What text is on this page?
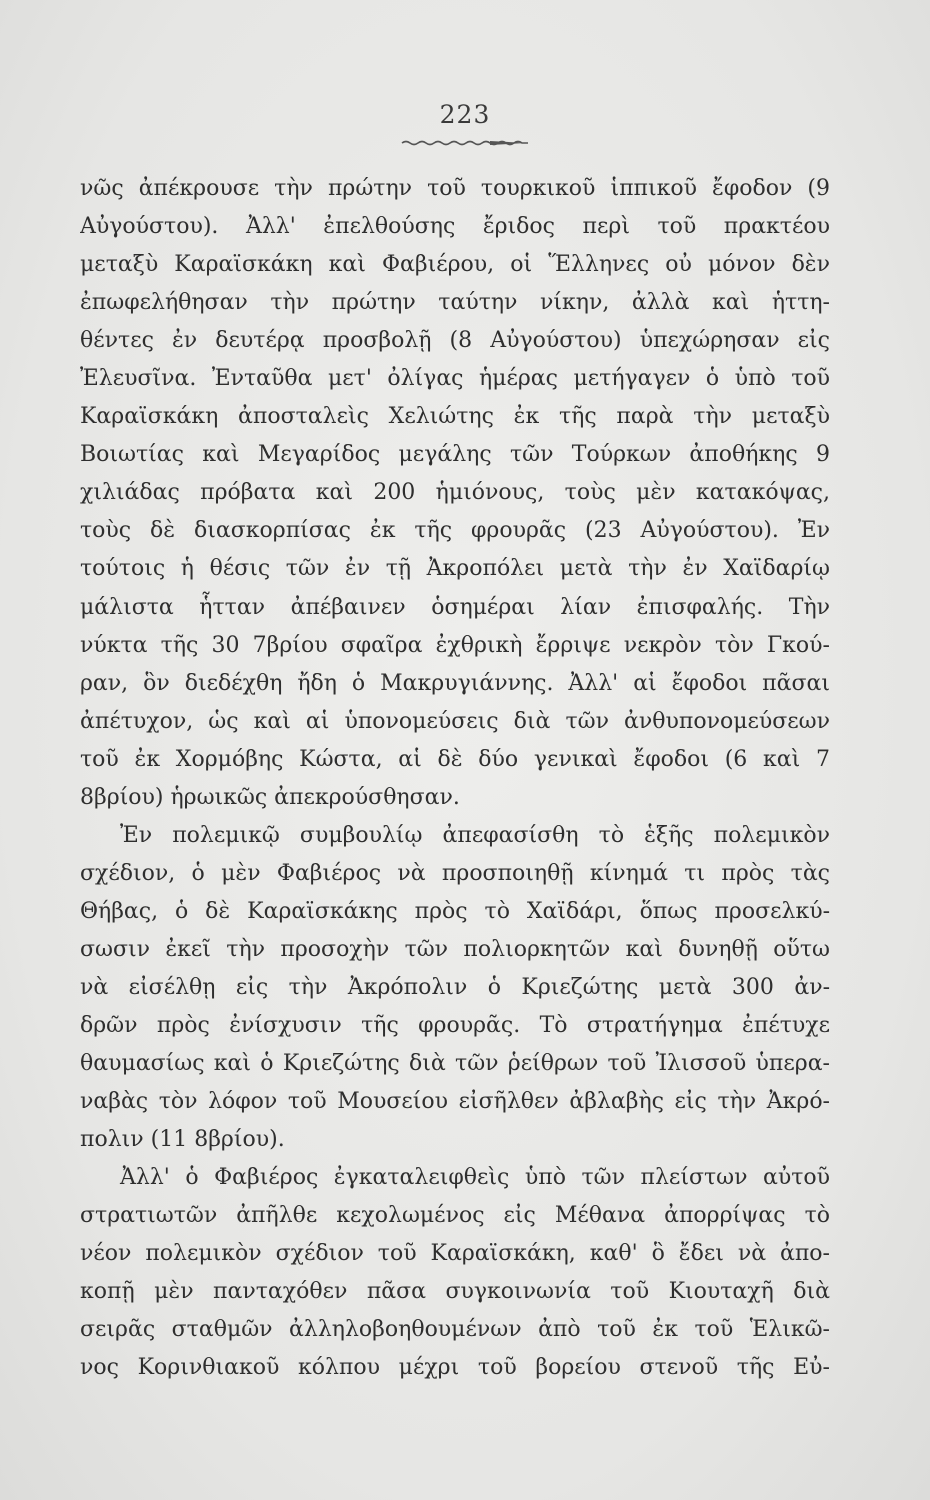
223
νῶς ἀπέκρουσε τὴν πρώτην τοῦ τουρκικοῦ ἱππικοῦ ἔφοδον (9
Αὐγούστου). Ἀλλ' ἐπελθούσης ἔριδος περὶ τοῦ πρακτέου
μεταξὺ Καραϊσκάκη καὶ Φαβιέρου, οἱ Ἕλληνες οὐ μόνον δὲν
ἐπωφελήθησαν τὴν πρώτην ταύτην νίκην, ἀλλὰ καὶ ἡττη-
θέντες ἐν δευτέρᾳ προσβολῇ (8 Αὐγούστου) ὑπεχώρησαν εἰς
Ἐλευσῖνα. Ἐνταῦθα μετ' ὀλίγας ἡμέρας μετήγαγεν ὁ ὑπὸ τοῦ
Καραϊσκάκη ἀποσταλεὶς Χελιώτης ἐκ τῆς παρὰ τὴν μεταξὺ
Βοιωτίας καὶ Μεγαρίδος μεγάλης τῶν Τούρκων ἀποθήκης 9
χιλιάδας πρόβατα καὶ 200 ἡμιόνους, τοὺς μὲν κατακόψας,
τοὺς δὲ διασκορπίσας ἐκ τῆς φρουρᾶς (23 Αὐγούστου). Ἐν
τούτοις ἡ θέσις τῶν ἐν τῇ Ἀκροπόλει μετὰ τὴν ἐν Χαϊδαρίῳ
μάλιστα ἧτταν ἀπέβαινεν ὁσημέραι λίαν ἐπισφαλής. Τὴν
νύκτα τῆς 30 7βρίου σφαῖρα ἐχθρικὴ ἔρριψε νεκρὸν τὸν Γκού-
ραν, ὃν διεδέχθη ἤδη ὁ Μακρυγιάννης. Ἀλλ' αἱ ἔφοδοι πᾶσαι
ἀπέτυχον, ὡς καὶ αἱ ὑπονομεύσεις διὰ τῶν ἀνθυπονομεύσεων
τοῦ ἐκ Χορμόβης Κώστα, αἱ δὲ δύο γενικαὶ ἔφοδοι (6 καὶ 7
8βρίου) ἡρωικῶς ἀπεκρούσθησαν.
Ἐν πολεμικῷ συμβουλίῳ ἀπεφασίσθη τὸ ἑξῆς πολεμικὸν
σχέδιον, ὁ μὲν Φαβιέρος νὰ προσποιηθῇ κίνημά τι πρὸς τὰς
Θήβας, ὁ δὲ Καραϊσκάκης πρὸς τὸ Χαϊδάρι, ὅπως προσελκύ-
σωσιν ἐκεῖ τὴν προσοχὴν τῶν πολιορκητῶν καὶ δυνηθῇ οὕτω
νὰ εἰσέλθῃ εἰς τὴν Ἀκρόπολιν ὁ Κριεζώτης μετὰ 300 ἀν-
δρῶν πρὸς ἐνίσχυσιν τῆς φρουρᾶς. Τὸ στρατήγημα ἐπέτυχε
θαυμασίως καὶ ὁ Κριεζώτης διὰ τῶν ῥείθρων τοῦ Ἰλισσοῦ ὑπερα-
ναβὰς τὸν λόφον τοῦ Μουσείου εἰσῆλθεν ἀβλαβὴς εἰς τὴν Ἀκρό-
πολιν (11 8βρίου).
Ἀλλ' ὁ Φαβιέρος ἐγκαταλειφθεὶς ὑπὸ τῶν πλείστων αὐτοῦ
στρατιωτῶν ἀπῆλθε κεχολωμένος εἰς Μέθανα ἀπορρίψας τὸ
νέον πολεμικὸν σχέδιον τοῦ Καραϊσκάκη, καθ' ὃ ἔδει νὰ ἀπο-
κοπῇ μὲν πανταχόθεν πᾶσα συγκοινωνία τοῦ Κιουταχῆ διὰ
σειρᾶς σταθμῶν ἀλληλοβοηθουμένων ἀπὸ τοῦ ἐκ τοῦ Ἑλικῶ-
νος Κορινθιακοῦ κόλπου μέχρι τοῦ βορείου στενοῦ τῆς Εὐ-
